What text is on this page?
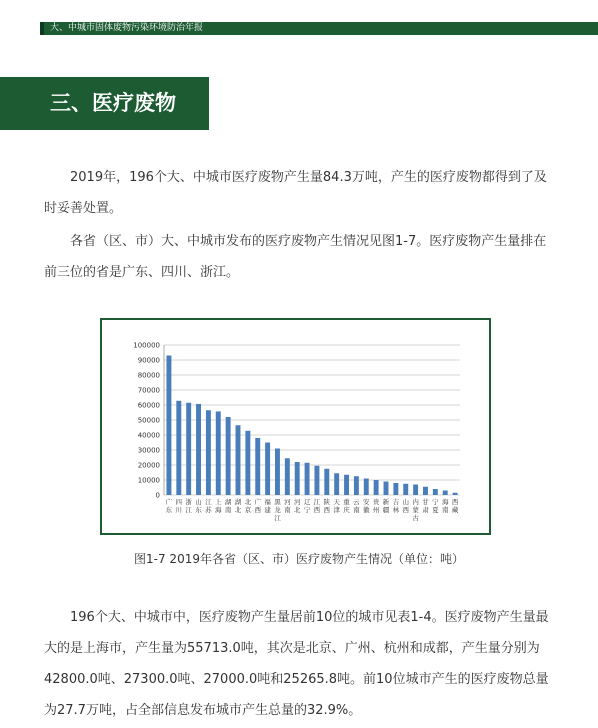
大、中城市固体废物污染环境防治年报
三、医疗废物

2019年，196个大、中城市医疗废物产生量84.3万吨，产生的医疗废物都得到了及时妥善处置。

各省（区、市）大、中城市发布的医疗废物产生情况见图1-7。医疗废物产生量排在前三位的省是广东、四川、浙江。

0
10000
20000
30000
40000
50000
60000
70000
80000
90000
100000
广东
四川
浙江
山东
江苏
上海
湖南
湖北
北京
广西
福建
黑龙江
河南
河北
辽宁
江西
陕西
天津
重庆
云南
安徽
贵州
新疆
吉林
山西
内蒙古
甘肃
宁夏
海南
西藏
图1-7 2019年各省（区、市）医疗废物产生情况（单位：吨）

196个大、中城市中，医疗废物产生量居前10位的城市见表1-4。医疗废物产生量最大的是上海市，产生量为55713.0吨，其次是北京、广州、杭州和成都，产生量分别为42800.0吨、27300.0吨、27000.0吨和25265.8吨。前10位城市产生的医疗废物总量为27.7万吨，占全部信息发布城市产生总量的32.9%。
